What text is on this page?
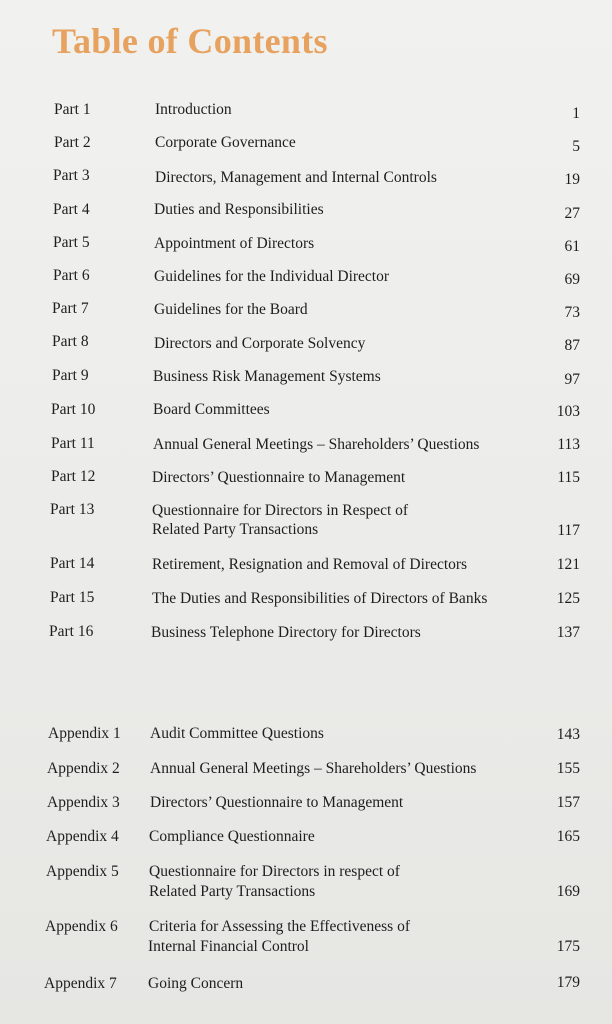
Table of Contents
Part 1	Introduction	1
Part 2	Corporate Governance	5
Part 3	Directors, Management and Internal Controls	19
Part 4	Duties and Responsibilities	27
Part 5	Appointment of Directors	61
Part 6	Guidelines for the Individual Director	69
Part 7	Guidelines for the Board	73
Part 8	Directors and Corporate Solvency	87
Part 9	Business Risk Management Systems	97
Part 10	Board Committees	103
Part 11	Annual General Meetings – Shareholders’ Questions	113
Part 12	Directors’ Questionnaire to Management	115
Part 13	Questionnaire for Directors in Respect of
Related Party Transactions	117
Part 14	Retirement, Resignation and Removal of Directors	121
Part 15	The Duties and Responsibilities of Directors of Banks	125
Part 16	Business Telephone Directory for Directors	137
Appendix 1 Audit Committee Questions	143
Appendix 2 Annual General Meetings – Shareholders’ Questions	155
Appendix 3 Directors’ Questionnaire to Management	157
Appendix 4 Compliance Questionnaire	165
Appendix 5 Questionnaire for Directors in respect of
Related Party Transactions	169
Appendix 6 Criteria for Assessing the Effectiveness of
Internal Financial Control	175
Appendix 7 Going Concern	179
